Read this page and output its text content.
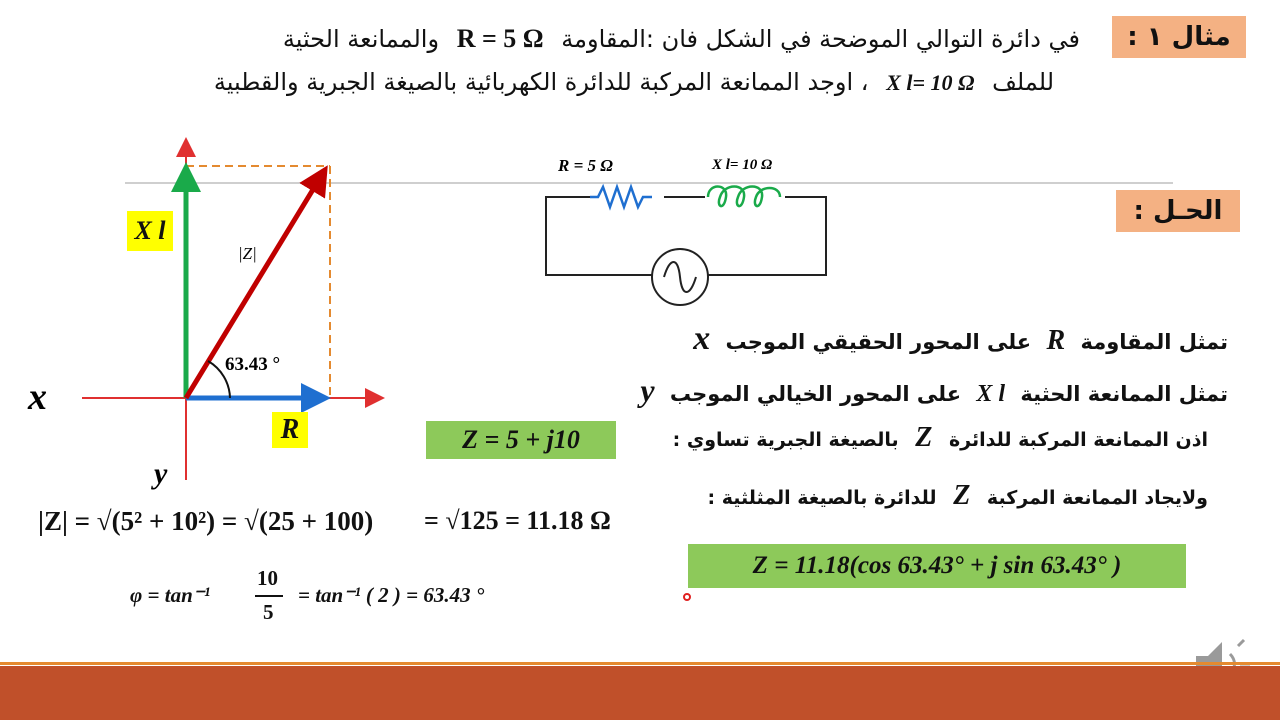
مثال ١ :
في دائرة التوالي الموضحة في الشكل فان :المقاومة R = 5 Ω والممانعة الحثية
للملف X l= 10 Ω ، اوجد الممانعة المركبة للدائرة الكهربائية بالصيغة الجبرية والقطبية
الحـل :
R = 5 Ω	X l= 10 Ω
|Z|
63.43 °
x
y
X l
R
تمثل المقاومة R على المحور الحقيقي الموجب x
تمثل الممانعة الحثية X l على المحور الخيالي الموجب y
اذن الممانعة المركبة للدائرة Z بالصيغة الجبرية تساوي :
Z = 5 + j10
ولايجاد الممانعة المركبة Z للدائرة بالصيغة المثلثية :
Z = 11.18(cos 63.43° + j sin 63.43° )
|Z| = √(5² + 10²) = √(25 + 100) = √125 = 11.18 Ω
φ = tan⁻¹
10
5
= tan⁻¹ ( 2 ) = 63.43 °
